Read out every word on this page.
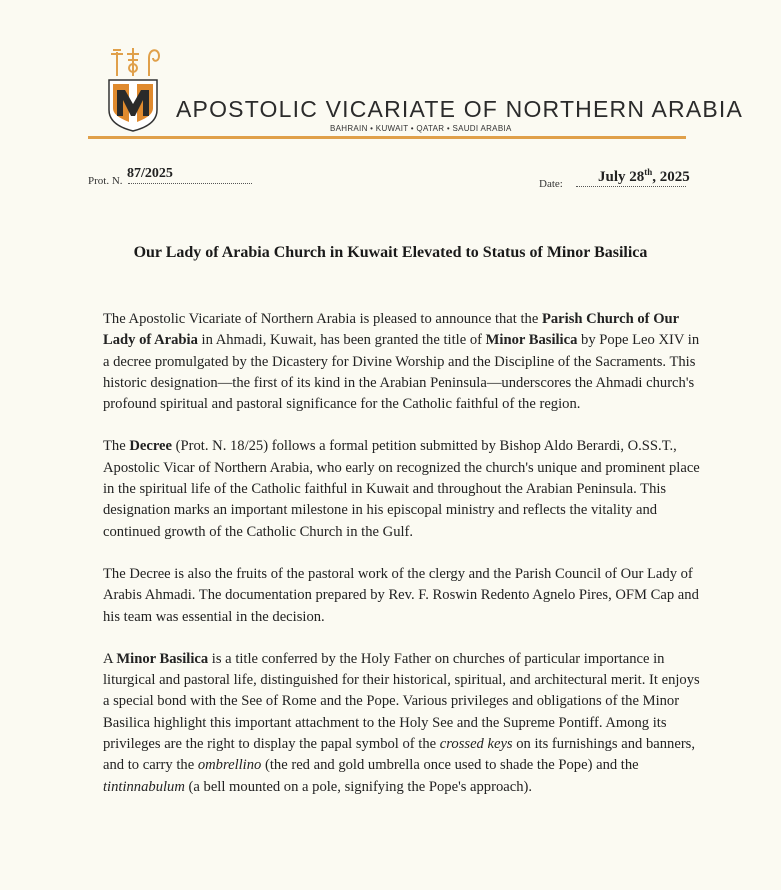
APOSTOLIC VICARIATE OF NORTHERN ARABIA
BAHRAIN • KUWAIT • QATAR • SAUDI ARABIA
Prot. N. 87/2025
Date: July 28th, 2025
Our Lady of Arabia Church in Kuwait Elevated to Status of Minor Basilica

The Apostolic Vicariate of Northern Arabia is pleased to announce that the Parish Church of Our Lady of Arabia in Ahmadi, Kuwait, has been granted the title of Minor Basilica by Pope Leo XIV in a decree promulgated by the Dicastery for Divine Worship and the Discipline of the Sacraments. This historic designation—the first of its kind in the Arabian Peninsula—underscores the Ahmadi church's profound spiritual and pastoral significance for the Catholic faithful of the region.

The Decree (Prot. N. 18/25) follows a formal petition submitted by Bishop Aldo Berardi, O.SS.T., Apostolic Vicar of Northern Arabia, who early on recognized the church's unique and prominent place in the spiritual life of the Catholic faithful in Kuwait and throughout the Arabian Peninsula. This designation marks an important milestone in his episcopal ministry and reflects the vitality and continued growth of the Catholic Church in the Gulf.

The Decree is also the fruits of the pastoral work of the clergy and the Parish Council of Our Lady of Arabis Ahmadi. The documentation prepared by Rev. F. Roswin Redento Agnelo Pires, OFM Cap and his team was essential in the decision.

A Minor Basilica is a title conferred by the Holy Father on churches of particular importance in liturgical and pastoral life, distinguished for their historical, spiritual, and architectural merit. It enjoys a special bond with the See of Rome and the Pope. Various privileges and obligations of the Minor Basilica highlight this important attachment to the Holy See and the Supreme Pontiff. Among its privileges are the right to display the papal symbol of the crossed keys on its furnishings and banners, and to carry the ombrellino (the red and gold umbrella once used to shade the Pope) and the tintinnabulum (a bell mounted on a pole, signifying the Pope's approach).
